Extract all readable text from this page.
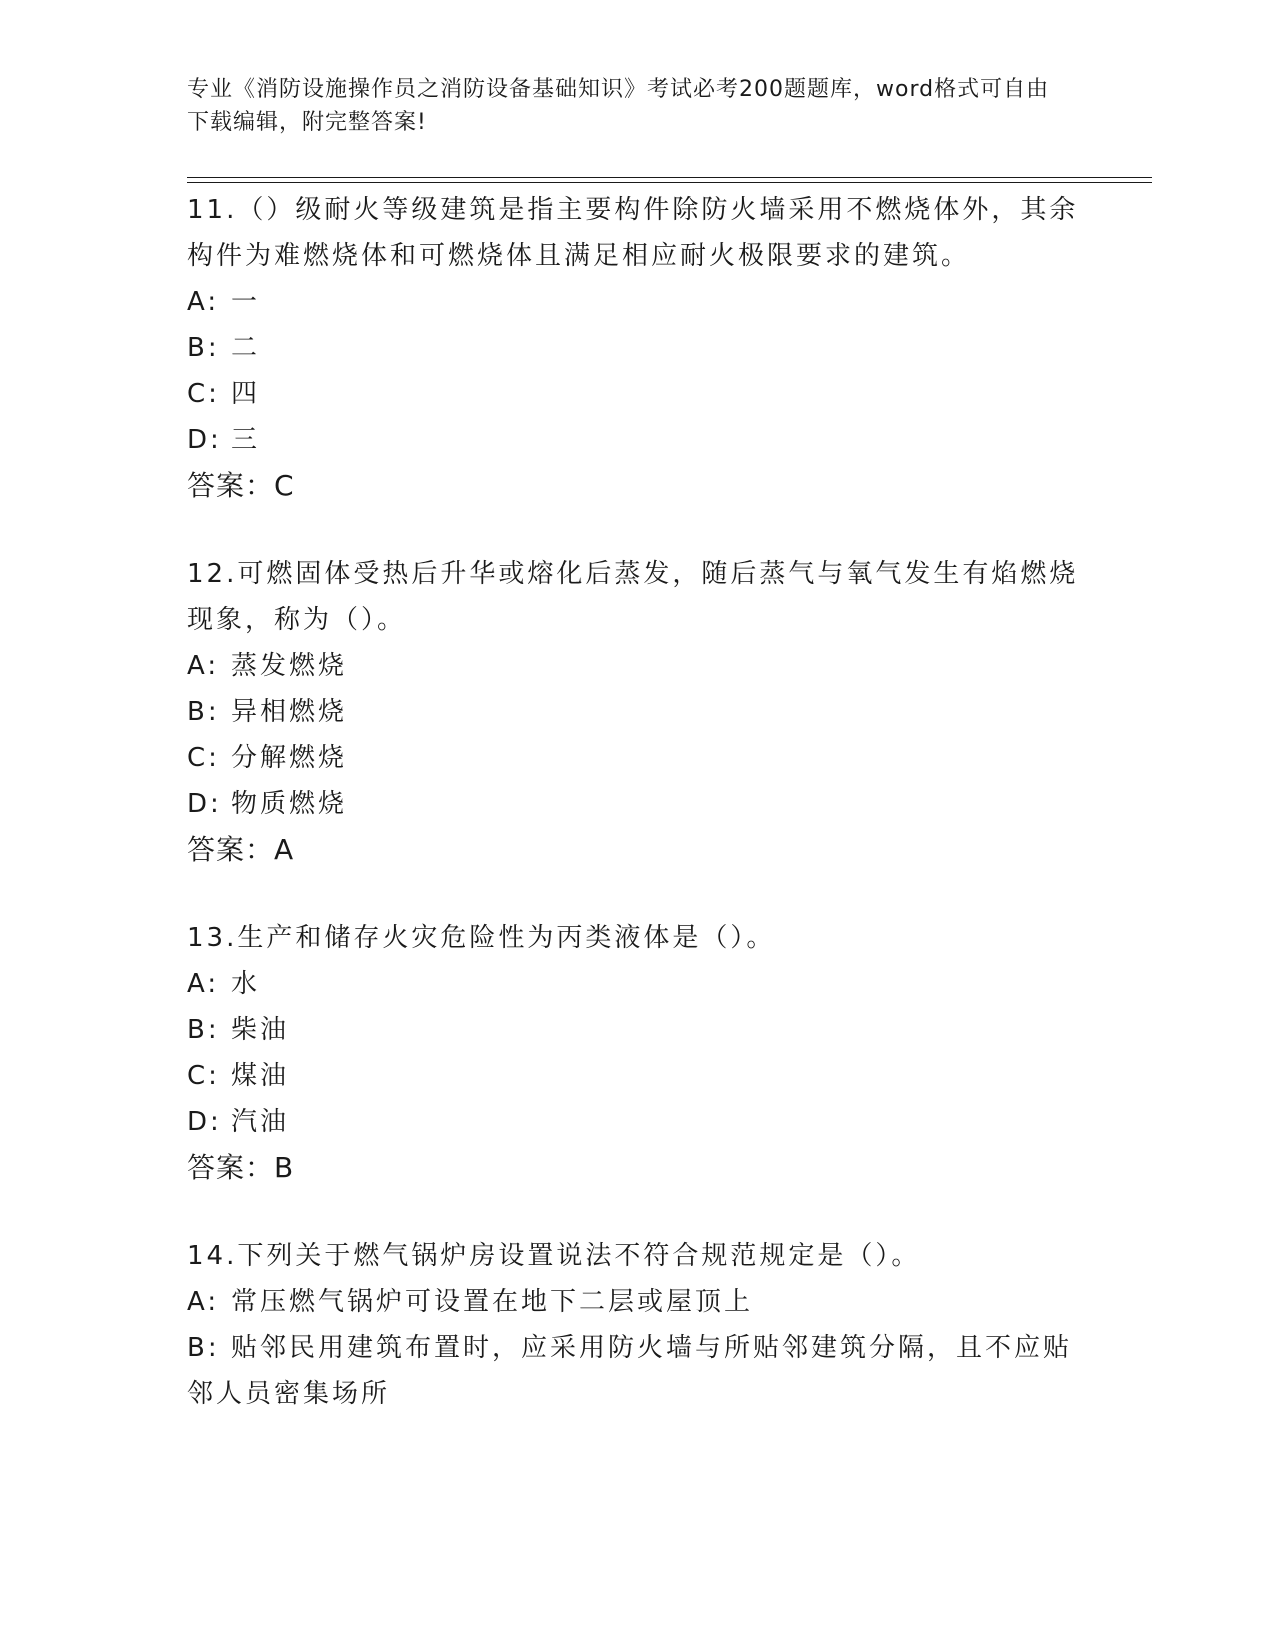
专业《消防设施操作员之消防设备基础知识》考试必考200题题库，word格式可自由下载编辑，附完整答案!

11.（）级耐火等级建筑是指主要构件除防火墙采用不燃烧体外，其余构件为难燃烧体和可燃烧体且满足相应耐火极限要求的建筑。

A: 一
B: 二
C: 四
D: 三

答案：C

12.可燃固体受热后升华或熔化后蒸发，随后蒸气与氧气发生有焰燃烧现象，称为（）。

A: 蒸发燃烧
B: 异相燃烧
C: 分解燃烧
D: 物质燃烧

答案：A

13.生产和储存火灾危险性为丙类液体是（）。

A: 水
B: 柴油
C: 煤油
D: 汽油

答案：B

14.下列关于燃气锅炉房设置说法不符合规范规定是（）。

A: 常压燃气锅炉可设置在地下二层或屋顶上
B: 贴邻民用建筑布置时，应采用防火墙与所贴邻建筑分隔，且不应贴邻人员密集场所
